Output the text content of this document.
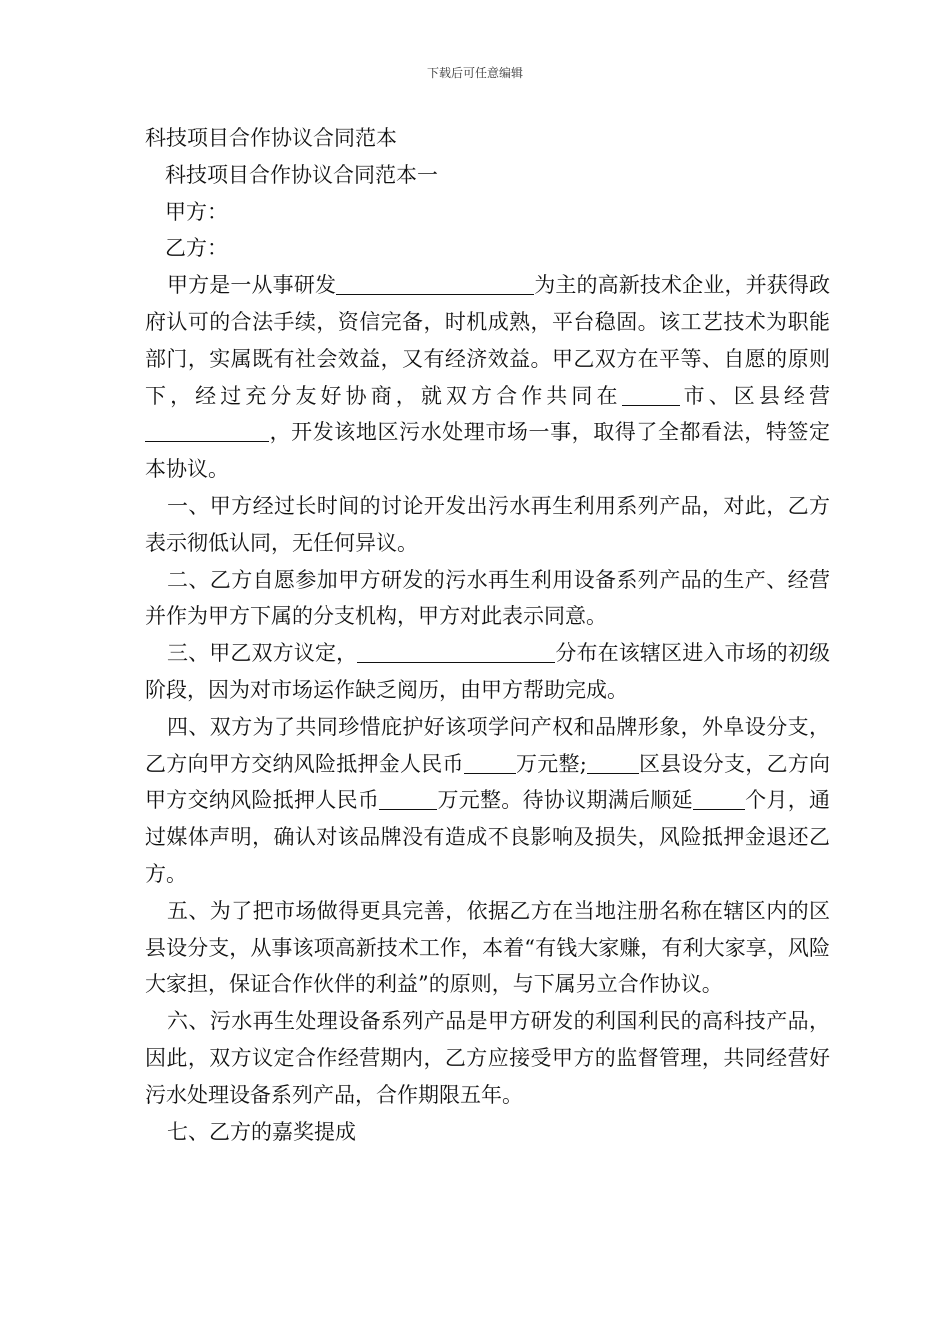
下载后可任意编辑

科技项目合作协议合同范本

科技项目合作协议合同范本一

甲方：

乙方：

甲方是一从事研发	为主的高新技术企业，并获得政府认可的合法手续，资信完备，时机成熟，平台稳固。该工艺技术为职能部门，实属既有社会效益，又有经济效益。甲乙双方在平等、自愿的原则下，经过充分友好协商，就双方合作共同在	市、区县经营，开发该地区污水处理市场一事，取得了全都看法，特签定本协议。

一、甲方经过长时间的讨论开发出污水再生利用系列产品，对此，乙方表示彻低认同，无任何异议。

二、乙方自愿参加甲方研发的污水再生利用设备系列产品的生产、经营并作为甲方下属的分支机构，甲方对此表示同意。

三、甲乙双方议定，	分布在该辖区进入市场的初级阶段，因为对市场运作缺乏阅历，由甲方帮助完成。

四、双方为了共同珍惜庇护好该项学问产权和品牌形象，外阜设分支，乙方向甲方交纳风险抵押金人民币 万元整; 区县设分支，乙方向甲方交纳风险抵押人民币	万元整。待协议期满后顺延 个月，通过媒体声明，确认对该品牌没有造成不良影响及损失，风险抵押金退还乙方。

五、为了把市场做得更具完善，依据乙方在当地注册名称在辖区内的区县设分支，从事该项高新技术工作，本着“有钱大家赚，有利大家享，风险大家担，保证合作伙伴的利益”的原则，与下属另立合作协议。

六、污水再生处理设备系列产品是甲方研发的利国利民的高科技产品，因此，双方议定合作经营期内，乙方应接受甲方的监督管理，共同经营好污水处理设备系列产品，合作期限五年。

七、乙方的嘉奖提成
